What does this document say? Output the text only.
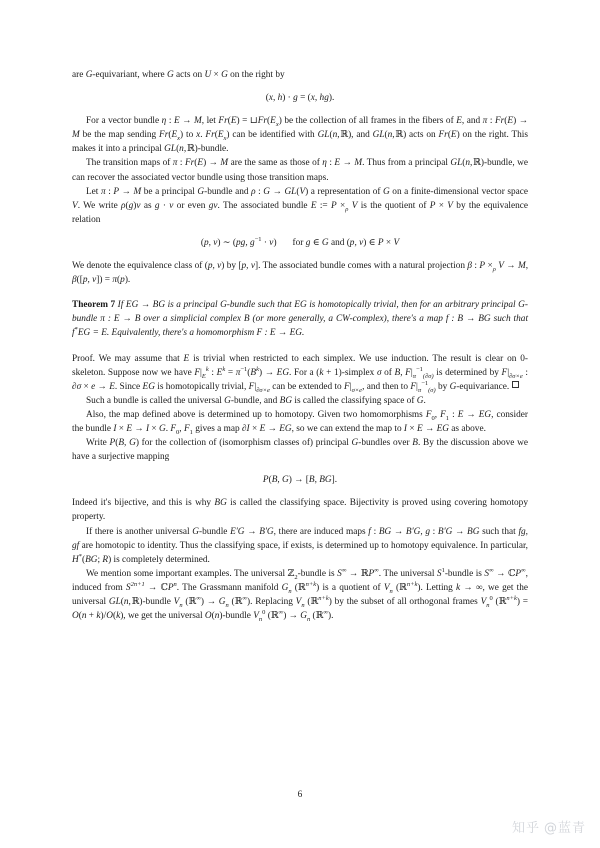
are G-equivariant, where G acts on U × G on the right by

(x, h) · g = (x, hg).

For a vector bundle η : E → M, let $Fr(E) = ⊔Fr(E_x)$ be the collection of all frames in the fibers of E, and π : Fr(E) → M be the map sending $Fr(E_x)$ to x. $Fr(E_x)$ can be identified with GL(n, ℝ), and GL(n, ℝ) acts on Fr(E) on the right. This makes it into a principal GL(n, ℝ)-bundle.

The transition maps of π : Fr(E) → M are the same as those of η : E → M. Thus from a principal GL(n, ℝ)-bundle, we can recover the associated vector bundle using those transition maps.

Let π : P → M be a principal G-bundle and ρ : G → GL(V) a representation of G on a finite-dimensional vector space V. We write ρ(g)v as g · v or even gv. The associated bundle E := $P \times_\rho$ V is the quotient of P × V by the equivalence relation

(p, v) ∼ (pg, $g^{-1} \cdot v$) for g ∈ G and (p, v) ∈ P × V

We denote the equivalence class of (p, v) by [p, v]. The associated bundle comes with a natural projection β : $P \times_\rho$ V → M, β([p, v]) = π(p).

Theorem 7 If EG → BG is a principal G-bundle such that EG is homotopically trivial, then for an arbitrary principal G-bundle π : E → B over a simplicial complex B (or more generally, a CW-complex), there's a map f : B → BG such that f*EG = E. Equivalently, there's a homomorphism F : E → EG.

Proof. We may assume that E is trivial when restricted to each simplex. We use induction. The result is clear on 0-skeleton. Suppose now we have $F|_E^k$ : $E^k = \pi^{-1}(B^k)$ → EG. For a (k + 1)-simplex σ of B, $F|_\pi^{-1}_{(\partial\sigma)}$ is determined by $F|_{\partial\sigma\times e}$ : ∂σ × e → E. Since EG is homotopically trivial, $F|_{\partial\sigma\times e}$ can be extended to $F|_{\sigma\times e}$, and then to $F|_\pi^{-1}_{(\sigma)}$ by G-equivariance.

Such a bundle is called the universal G-bundle, and BG is called the classifying space of G.

Also, the map defined above is determined up to homotopy. Given two homomorphisms $F_0$, $F_1$ : E → EG, consider the bundle I × E → I × G. $F_0$, $F_1$ gives a map ∂I × E → EG, so we can extend the map to I × E → EG as above.

Write P(B, G) for the collection of (isomorphism classes of) principal G-bundles over B. By the discussion above we have a surjective mapping

P(B, G) → [B, BG].

Indeed it's bijective, and this is why BG is called the classifying space. Bijectivity is proved using covering homotopy property.

If there is another universal G-bundle E′G → B′G, there are induced maps f : BG → B′G, g : B′G → BG such that fg, gf are homotopic to identity. Thus the classifying space, if exists, is determined up to homotopy equivalence. In particular, H*(BG; R) is completely determined.

We mention some important examples. The universal ℤ$_2$-bundle is S∞ → ℝP∞. The universal $S^1$-bundle is S∞ → ℂP∞, induced from $S^{2n+1}$ → ℂP$^n$. The Grassmann manifold $G_n$ (ℝ$^{n+k}$) is a quotient of $V_n$ (ℝ$^{n+k}$). Letting k → ∞, we get the universal GL(n, ℝ)-bundle $V_n$ (ℝ∞) → $G_n$ (ℝ∞). Replacing $V_n$ (ℝ$^{n+k}$) by the subset of all orthogonal frames $V_n^0$ (ℝ$^{n+k}$) = O(n + k)/O(k), we get the universal O(n)-bundle $V_n^0$ (ℝ∞) → $G_n$ (ℝ∞).

6
知乎 @蓝青
